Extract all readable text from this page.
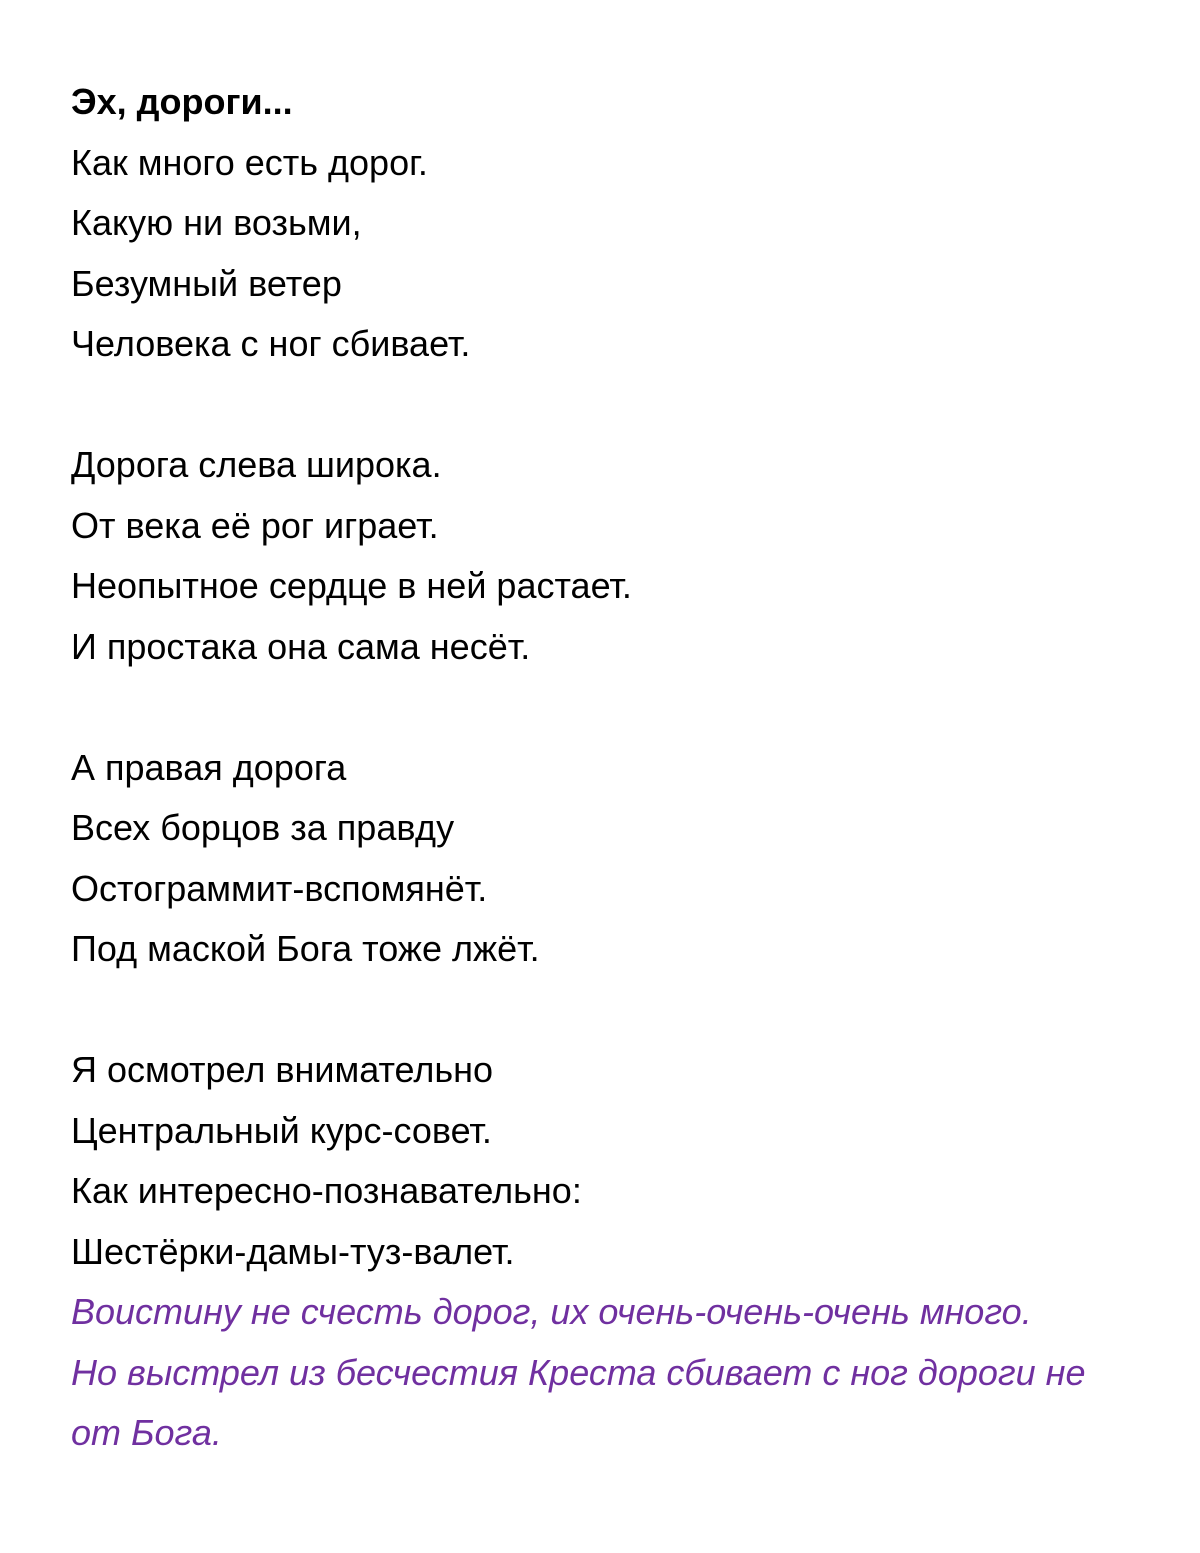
Эх, дороги...
Как много есть дорог.
Какую ни возьми,
Безумный ветер
Человека с ног сбивает.
Дорога слева широка.
От века её рог играет.
Неопытное сердце в ней растает.
И простака она сама несёт.
А правая дорога
Всех борцов за правду
Остограммит-вспомянёт.
Под маской Бога тоже лжёт.
Я осмотрел внимательно
Центральный курс-совет.
Как интересно-познавательно:
Шестёрки-дамы-туз-валет.
Воистину не счесть дорог, их очень-очень-очень много.
Но выстрел из бесчестия Креста сбивает с ног дороги не от Бога.
